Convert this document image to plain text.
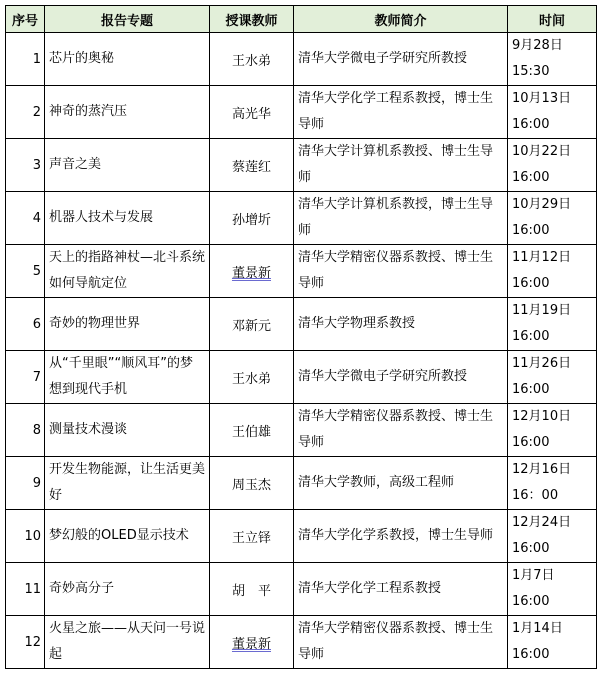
序号	报告专题	授课教师	教师简介	时间
1	芯片的奥秘	王水弟	清华大学微电子学研究所教授	9月28日
15:30
2	神奇的蒸汽压	高光华	清华大学化学工程系教授，博士生导师	10月13日
16:00
3	声音之美	蔡莲红	清华大学计算机系教授、博士生导师	10月22日
16:00
4	机器人技术与发展	孙增圻	清华大学计算机系教授，博士生导师	10月29日
16:00
5	天上的指路神杖—北斗系统如何导航定位	董景新	清华大学精密仪器系教授、博士生导师	11月12日
16:00
6	奇妙的物理世界	邓新元	清华大学物理系教授	11月19日
16:00
7	从“千里眼”“顺风耳”的梦想到现代手机	王水弟	清华大学微电子学研究所教授	11月26日
16:00
8	测量技术漫谈	王伯雄	清华大学精密仪器系教授、博士生导师	12月10日
16:00
9	开发生物能源，让生活更美好	周玉杰	清华大学教师，高级工程师	12月16日
16：00
10	梦幻般的OLED显示技术	王立铎	清华大学化学系教授，博士生导师	12月24日
16:00
11	奇妙高分子	胡　平	清华大学化学工程系教授	1月7日
16:00
12	火星之旅——从天问一号说起	董景新	清华大学精密仪器系教授、博士生导师	1月14日
16:00
